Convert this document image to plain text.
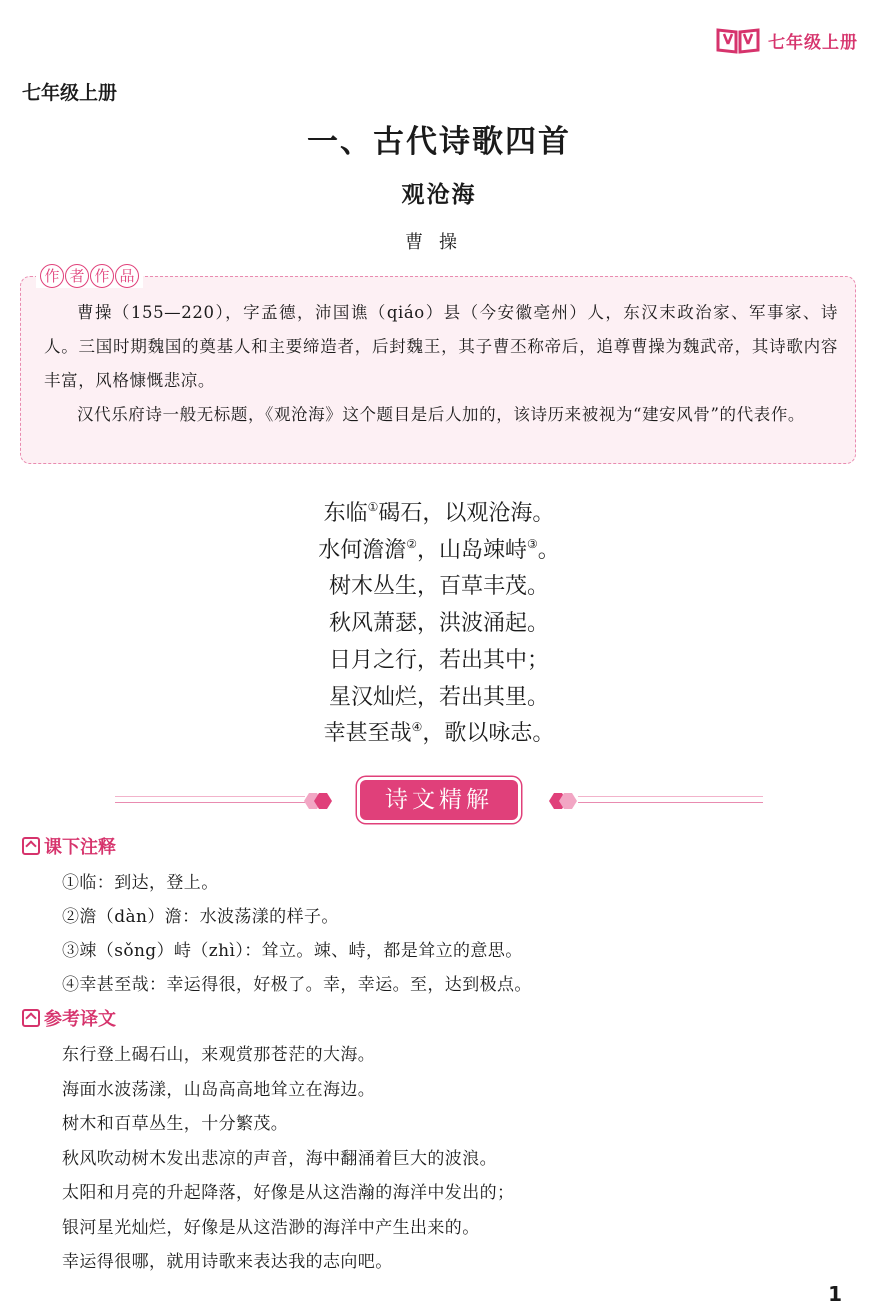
七年级上册
七年级上册
一、古代诗歌四首
观沧海
曹操
作 者 作 品

曹操（155—220），字孟德，沛国谯（qiáo）县（今安徽亳州）人，东汉末政治家、军事家、诗人。三国时期魏国的奠基人和主要缔造者，后封魏王，其子曹丕称帝后，追尊曹操为魏武帝，其诗歌内容丰富，风格慷慨悲凉。

汉代乐府诗一般无标题，《观沧海》这个题目是后人加的，该诗历来被视为“建安风骨”的代表作。

东临①碣石，以观沧海。
水何澹澹②，山岛竦峙③。
树木丛生，百草丰茂。
秋风萧瑟，洪波涌起。
日月之行，若出其中；
星汉灿烂，若出其里。
幸甚至哉④，歌以咏志。
诗文精解
课下注释
①临：到达，登上。
②澹（dàn）澹：水波荡漾的样子。
③竦（sǒng）峙（zhì）：耸立。竦、峙，都是耸立的意思。
④幸甚至哉：幸运得很，好极了。幸，幸运。至，达到极点。
参考译文
东行登上碣石山，来观赏那苍茫的大海。
海面水波荡漾，山岛高高地耸立在海边。
树木和百草丛生，十分繁茂。
秋风吹动树木发出悲凉的声音，海中翻涌着巨大的波浪。
太阳和月亮的升起降落，好像是从这浩瀚的海洋中发出的；
银河星光灿烂，好像是从这浩渺的海洋中产生出来的。
幸运得很哪，就用诗歌来表达我的志向吧。
1
